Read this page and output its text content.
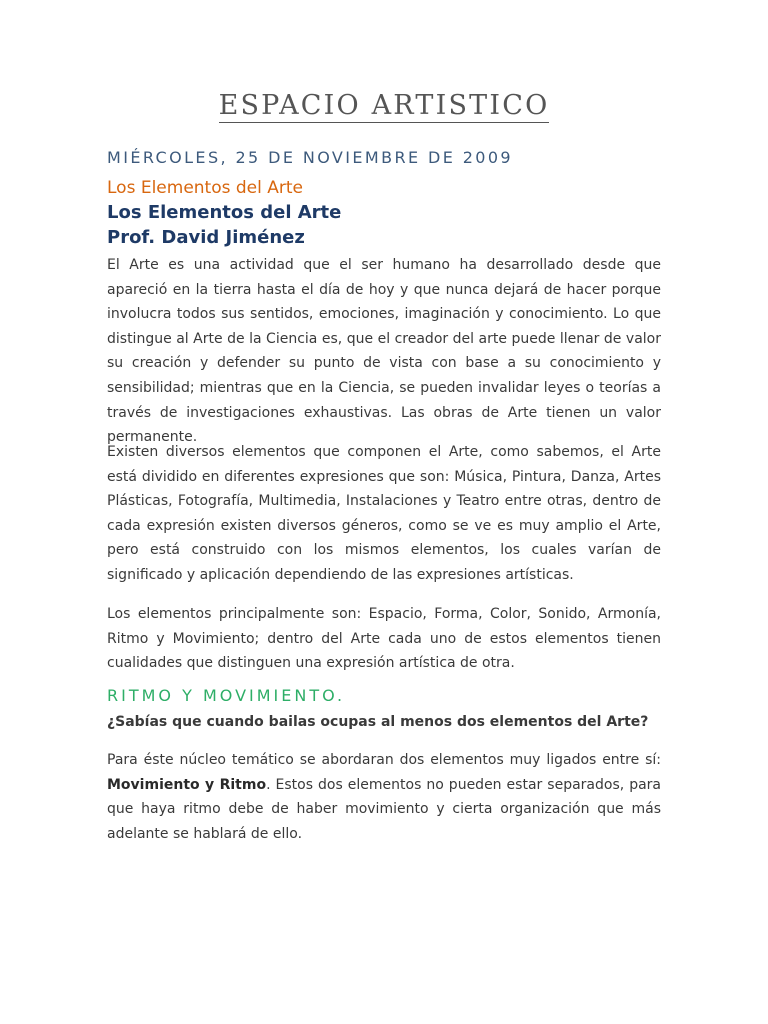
ESPACIO ARTISTICO
MIÉRCOLES, 25 DE NOVIEMBRE DE 2009
Los Elementos del Arte
Los Elementos del Arte
Prof. David Jiménez

El Arte es una actividad que el ser humano ha desarrollado desde que apareció en la tierra hasta el día de hoy y que nunca dejará de hacer porque involucra todos sus sentidos, emociones, imaginación y conocimiento. Lo que distingue al Arte de la Ciencia es, que el creador del arte puede llenar de valor su creación y defender su punto de vista con base a su conocimiento y sensibilidad; mientras que en la Ciencia, se pueden invalidar leyes o teorías a través de investigaciones exhaustivas. Las obras de Arte tienen un valor permanente.

Existen diversos elementos que componen el Arte, como sabemos, el Arte está dividido en diferentes expresiones que son: Música, Pintura, Danza, Artes Plásticas, Fotografía, Multimedia, Instalaciones y Teatro entre otras, dentro de cada expresión existen diversos géneros, como se ve es muy amplio el Arte, pero está construido con los mismos elementos, los cuales varían de significado y aplicación dependiendo de las expresiones artísticas.

Los elementos principalmente son: Espacio, Forma, Color, Sonido, Armonía, Ritmo y Movimiento; dentro del Arte cada uno de estos elementos tienen cualidades que distinguen una expresión artística de otra.

RITMO Y MOVIMIENTO.
¿Sabías que cuando bailas ocupas al menos dos elementos del Arte?

Para éste núcleo temático se abordaran dos elementos muy ligados entre sí: Movimiento y Ritmo. Estos dos elementos no pueden estar separados, para que haya ritmo debe de haber movimiento y cierta organización que más adelante se hablará de ello.
